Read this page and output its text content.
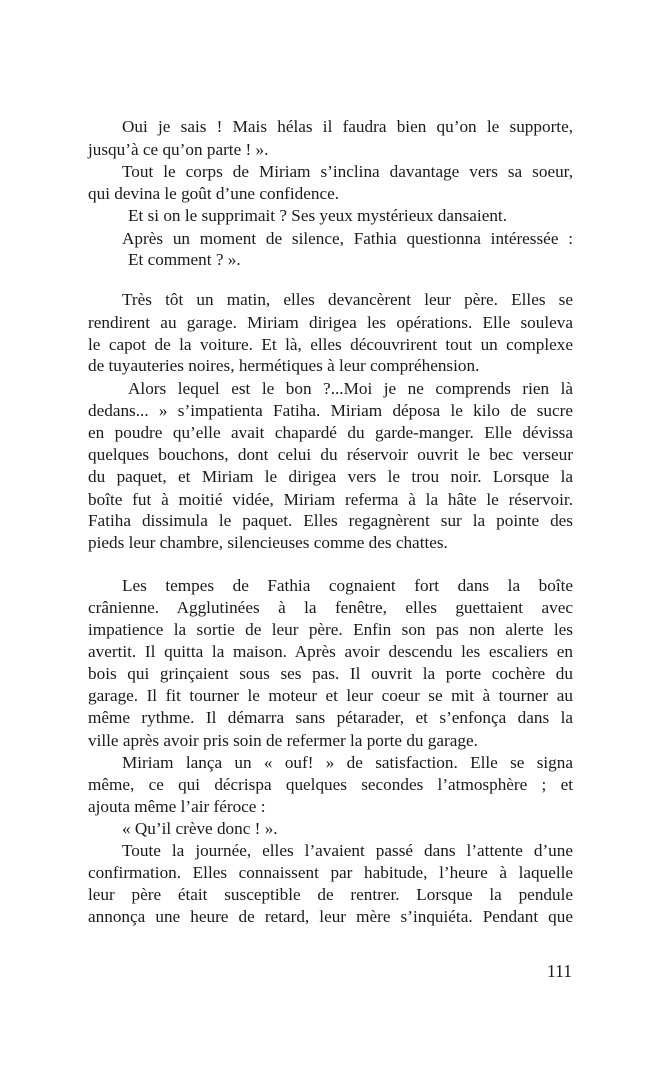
Oui je sais ! Mais hélas il faudra bien qu’on le supporte,
jusqu’à ce qu’on parte ! ».
Tout le corps de Miriam s’inclina davantage vers sa soeur,
qui devina le goût d’une confidence.
Et si on le supprimait ? Ses yeux mystérieux dansaient.
Après un moment de silence, Fathia questionna intéressée :
Et comment ? ».
Très tôt un matin, elles devancèrent leur père. Elles se
rendirent au garage. Miriam dirigea les opérations. Elle souleva
le capot de la voiture. Et là, elles découvrirent tout un complexe
de tuyauteries noires, hermétiques à leur compréhension.
Alors lequel est le bon ?...Moi je ne comprends rien là
dedans... » s’impatienta Fatiha. Miriam déposa le kilo de sucre
en poudre qu’elle avait chapardé du garde-manger. Elle dévissa
quelques bouchons, dont celui du réservoir ouvrit le bec verseur
du paquet, et Miriam le dirigea vers le trou noir. Lorsque la
boîte fut à moitié vidée, Miriam referma à la hâte le réservoir.
Fatiha dissimula le paquet. Elles regagnèrent sur la pointe des
pieds leur chambre, silencieuses comme des chattes.
Les tempes de Fathia cognaient fort dans la boîte
crânienne. Agglutinées à la fenêtre, elles guettaient avec
impatience la sortie de leur père. Enfin son pas non alerte les
avertit. Il quitta la maison. Après avoir descendu les escaliers en
bois qui grinçaient sous ses pas. Il ouvrit la porte cochère du
garage. Il fit tourner le moteur et leur coeur se mit à tourner au
même rythme. Il démarra sans pétarader, et s’enfonça dans la
ville après avoir pris soin de refermer la porte du garage.
Miriam lança un « ouf! » de satisfaction. Elle se signa
même, ce qui décrispa quelques secondes l’atmosphère ; et
ajouta même l’air féroce :
« Qu’il crève donc ! ».
Toute la journée, elles l’avaient passé dans l’attente d’une
confirmation. Elles connaissent par habitude, l’heure à laquelle
leur père était susceptible de rentrer. Lorsque la pendule
annonça une heure de retard, leur mère s’inquiéta. Pendant que
111
